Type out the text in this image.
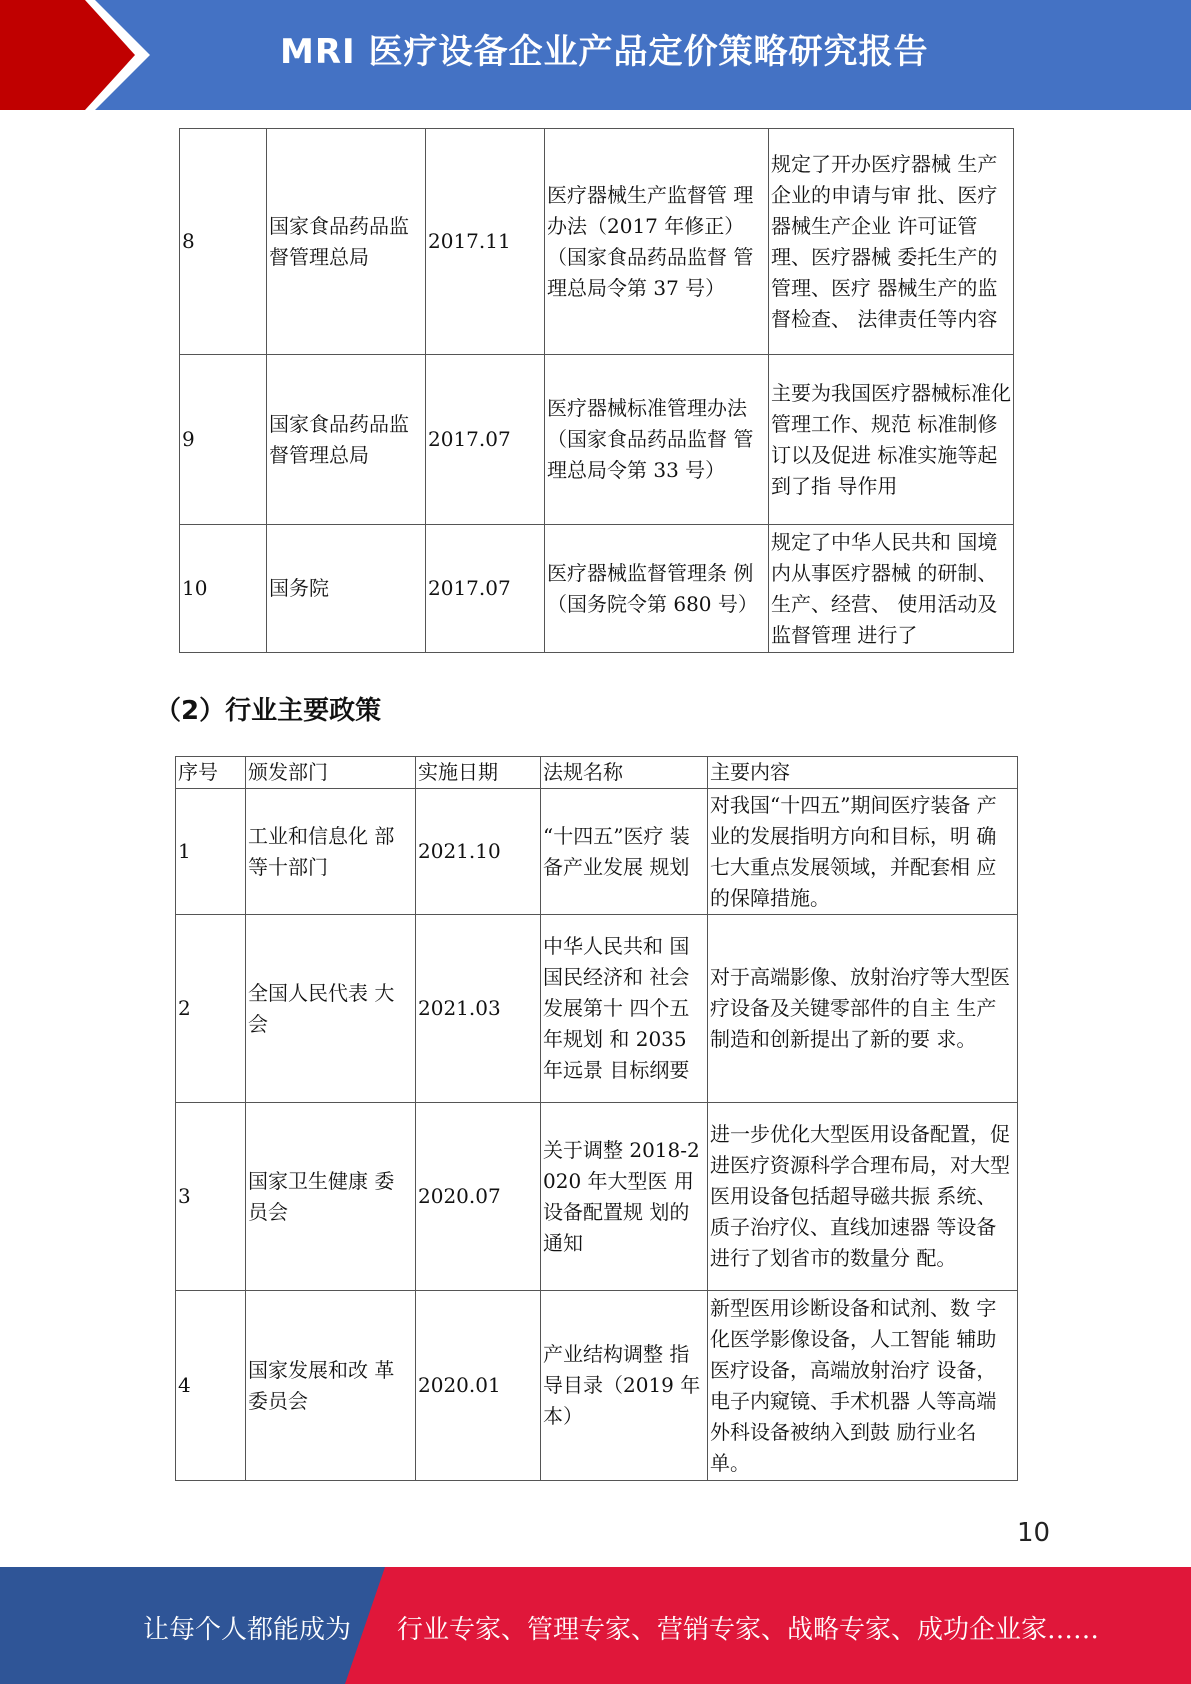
MRI 医疗设备企业产品定价策略研究报告
8	国家食品药品监督管理总局	2017.11	医疗器械生产监督管 理办法（2017 年修正） （国家食品药品监督 管理总局令第 37 号）	规定了开办医疗器械 生产企业的申请与审 批、医疗器械生产企业 许可证管理、医疗器械 委托生产的管理、医疗 器械生产的监督检查、 法律责任等内容
9	国家食品药品监督管理总局	2017.07	医疗器械标准管理办法 （国家食品药品监督 管理总局令第 33 号）	主要为我国医疗器械标准化管理工作、规范 标准制修订以及促进 标准实施等起到了指 导作用
10	国务院	2017.07	医疗器械监督管理条 例（国务院令第 680 号）	规定了中华人民共和 国境内从事医疗器械 的研制、生产、经营、 使用活动及监督管理 进行了
（2）行业主要政策
序号	颁发部门	实施日期	法规名称	主要内容
1	工业和信息化 部等十部门	2021.10	“十四五”医疗 装备产业发展 规划	对我国“十四五”期间医疗装备 产业的发展指明方向和目标，明 确七大重点发展领域，并配套相 应的保障措施。
2	全国人民代表 大会	2021.03	中华人民共和 国国民经济和 社会发展第十 四个五年规划 和 2035 年远景 目标纲要	对于高端影像、放射治疗等大型医疗设备及关键零部件的自主 生产制造和创新提出了新的要 求。
3	国家卫生健康 委员会	2020.07	关于调整 2018-2020 年大型医 用设备配置规 划的通知	进一步优化大型医用设备配置，促进医疗资源科学合理布局，对大型医用设备包括超导磁共振 系统、质子治疗仪、直线加速器 等设备进行了划省市的数量分 配。
4	国家发展和改 革委员会	2020.01	产业结构调整 指导目录（2019 年本）	新型医用诊断设备和试剂、数 字化医学影像设备，人工智能 辅助医疗设备，高端放射治疗 设备，电子内窥镜、手术机器 人等高端外科设备被纳入到鼓 励行业名单。
10
让每个人都能成为 行业专家、管理专家、营销专家、战略专家、成功企业家……
